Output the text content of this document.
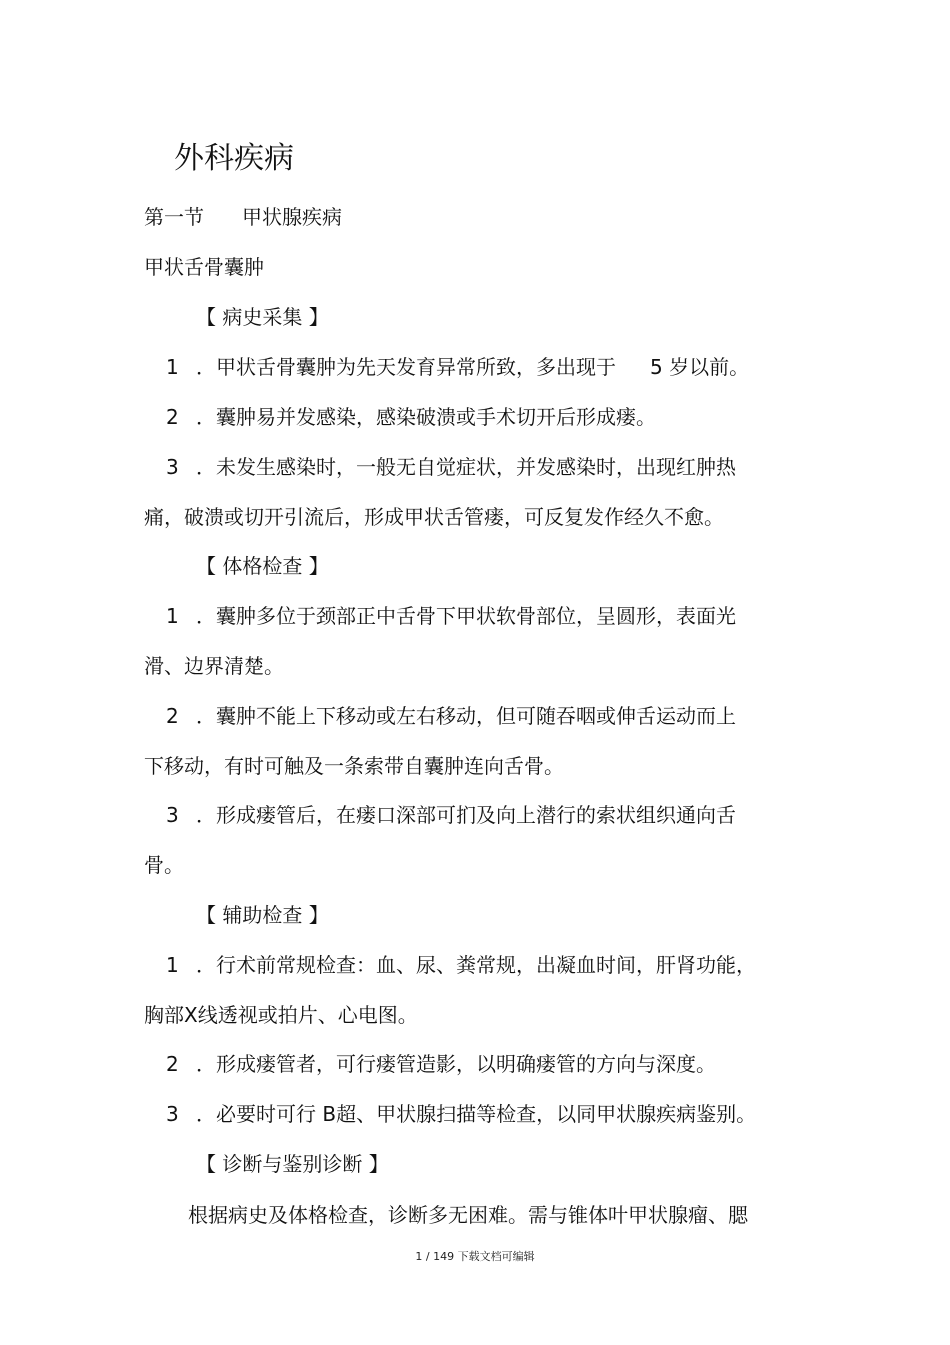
外科疾病
第一节 甲状腺疾病
甲状舌骨囊肿
【 病史采集 】
1 ．甲状舌骨囊肿为先天发育异常所致，多出现于 5 岁以前。
2 ．囊肿易并发感染，感染破溃或手术切开后形成瘘。
3 ．未发生感染时，一般无自觉症状，并发感染时，出现红肿热
痛，破溃或切开引流后，形成甲状舌管瘘，可反复发作经久不愈。
【 体格检查 】
1 ．囊肿多位于颈部正中舌骨下甲状软骨部位，呈圆形，表面光
滑、边界清楚。
2 ．囊肿不能上下移动或左右移动，但可随吞咽或伸舌运动而上
下移动，有时可触及一条索带自囊肿连向舌骨。
3 ．形成瘘管后，在瘘口深部可扪及向上潜行的索状组织通向舌
骨。
【 辅助检查 】
1 ．行术前常规检查：血、尿、粪常规，出凝血时间，肝肾功能，
胸部X线透视或拍片、心电图。
2 ．形成瘘管者，可行瘘管造影，以明确瘘管的方向与深度。
3 ．必要时可行 B超、甲状腺扫描等检查，以同甲状腺疾病鉴别。
【 诊断与鉴别诊断 】
根据病史及体格检查，诊断多无困难。需与锥体叶甲状腺瘤、腮
1 / 149 下载文档可编辑
